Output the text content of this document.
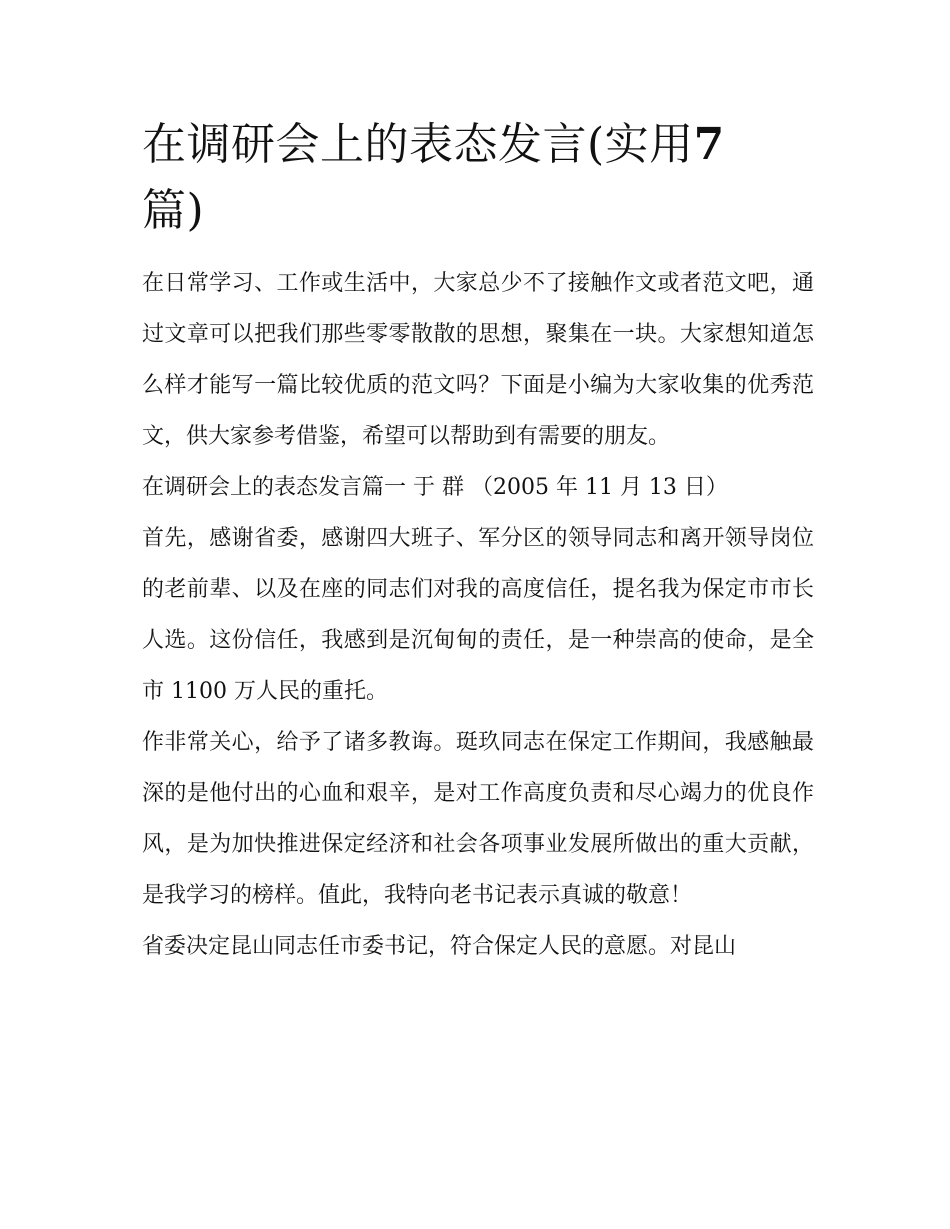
在调研会上的表态发言(实用7
篇)

在日常学习、工作或生活中，大家总少不了接触作文或者范文吧，通过文章可以把我们那些零零散散的思想，聚集在一块。大家想知道怎么样才能写一篇比较优质的范文吗？下面是小编为大家收集的优秀范文，供大家参考借鉴，希望可以帮助到有需要的朋友。

在调研会上的表态发言篇一 于 群 （2005 年 11 月 13 日）

首先，感谢省委，感谢四大班子、军分区的领导同志和离开领导岗位的老前辈、以及在座的同志们对我的高度信任，提名我为保定市市长人选。这份信任，我感到是沉甸甸的责任，是一种崇高的使命，是全市 1100 万人民的重托。

作非常关心，给予了诸多教诲。珽玖同志在保定工作期间，我感触最深的是他付出的心血和艰辛，是对工作高度负责和尽心竭力的优良作风，是为加快推进保定经济和社会各项事业发展所做出的重大贡献，是我学习的榜样。值此，我特向老书记表示真诚的敬意！

省委决定昆山同志任市委书记，符合保定人民的意愿。对昆山
